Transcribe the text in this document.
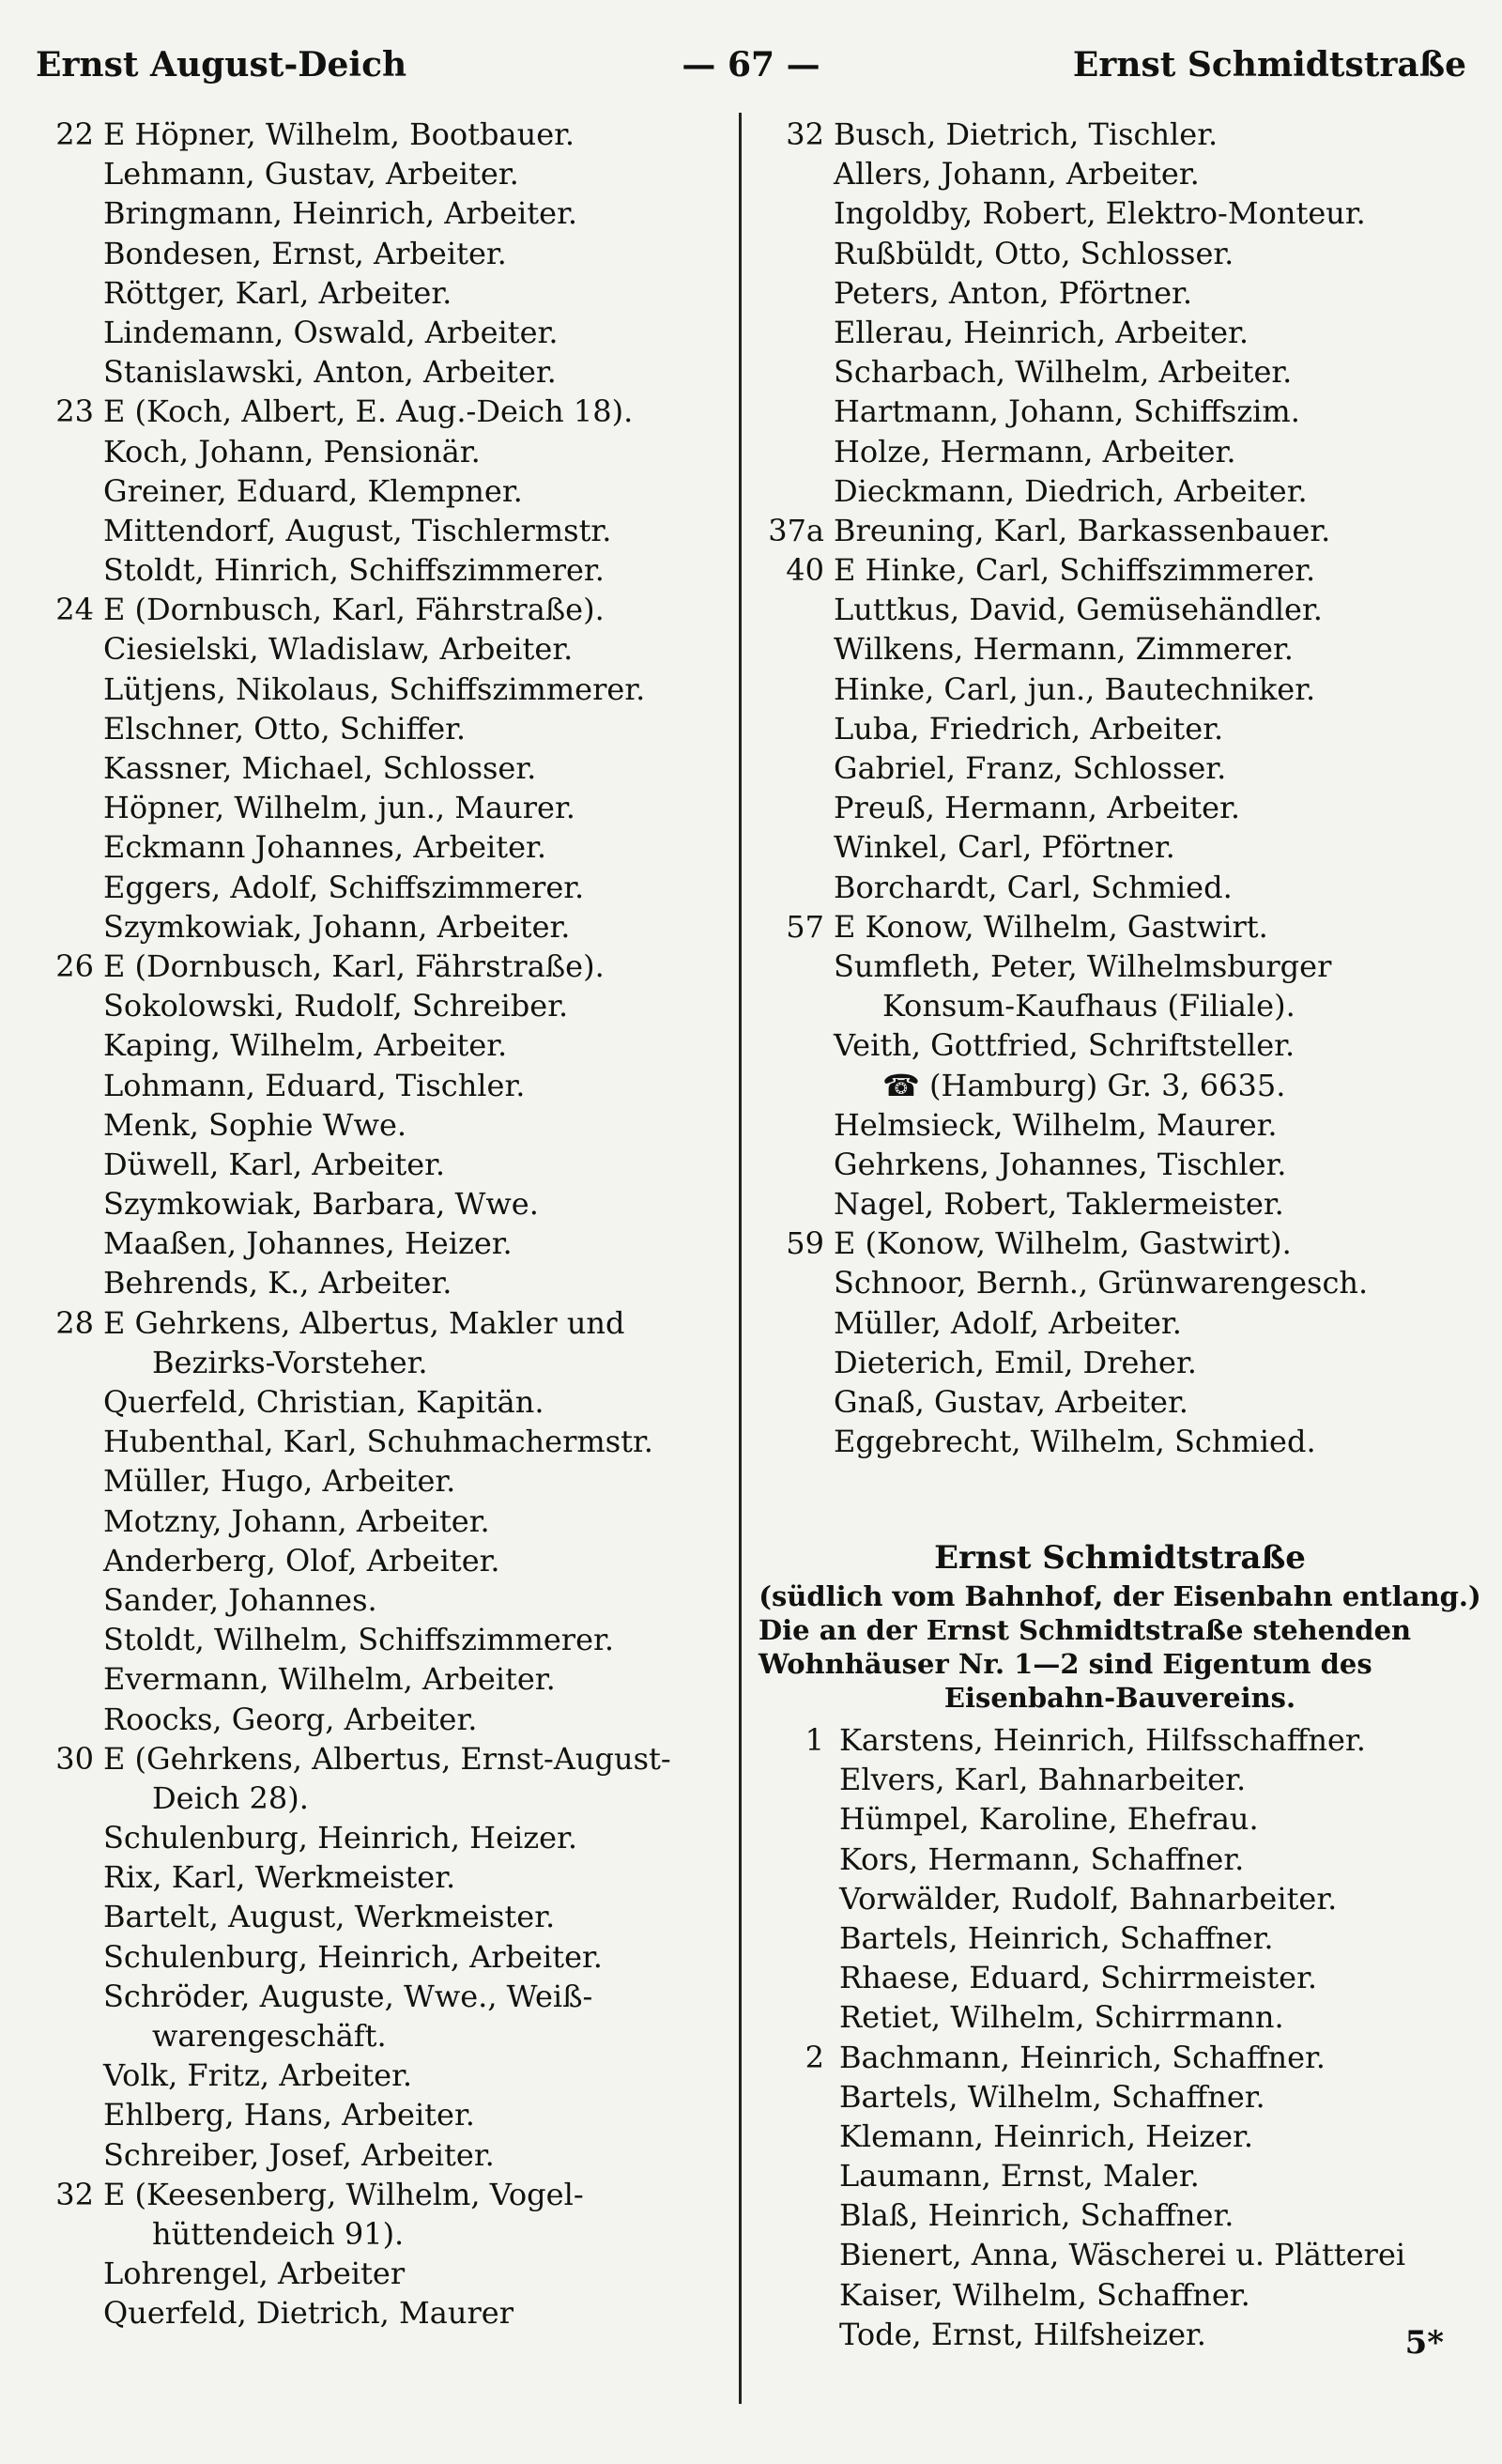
Ernst August-Deich	— 67 —	Ernst Schmidtstraße
22 E Höpner, Wilhelm, Bootbauer.
Lehmann, Gustav, Arbeiter.
Bringmann, Heinrich, Arbeiter.
Bondesen, Ernst, Arbeiter.
Röttger, Karl, Arbeiter.
Lindemann, Oswald, Arbeiter.
Stanislawski, Anton, Arbeiter.
23 E (Koch, Albert, E. Aug.-Deich 18).
Koch, Johann, Pensionär.
Greiner, Eduard, Klempner.
Mittendorf, August, Tischlermstr.
Stoldt, Hinrich, Schiffszimmerer.
24 E (Dornbusch, Karl, Fährstraße).
Ciesielski, Wladislaw, Arbeiter.
Lütjens, Nikolaus, Schiffszimmerer.
Elschner, Otto, Schiffer.
Kassner, Michael, Schlosser.
Höpner, Wilhelm, jun., Maurer.
Eckmann Johannes, Arbeiter.
Eggers, Adolf, Schiffszimmerer.
Szymkowiak, Johann, Arbeiter.
26 E (Dornbusch, Karl, Fährstraße).
Sokolowski, Rudolf, Schreiber.
Kaping, Wilhelm, Arbeiter.
Lohmann, Eduard, Tischler.
Menk, Sophie Wwe.
Düwell, Karl, Arbeiter.
Szymkowiak, Barbara, Wwe.
Maaßen, Johannes, Heizer.
Behrends, K., Arbeiter.
28 E Gehrkens, Albertus, Makler und
Bezirks-Vorsteher.
Querfeld, Christian, Kapitän.
Hubenthal, Karl, Schuhmachermstr.
Müller, Hugo, Arbeiter.
Motzny, Johann, Arbeiter.
Anderberg, Olof, Arbeiter.
Sander, Johannes.
Stoldt, Wilhelm, Schiffszimmerer.
Evermann, Wilhelm, Arbeiter.
Roocks, Georg, Arbeiter.
30 E (Gehrkens, Albertus, Ernst-August-
Deich 28).
Schulenburg, Heinrich, Heizer.
Rix, Karl, Werkmeister.
Bartelt, August, Werkmeister.
Schulenburg, Heinrich, Arbeiter.
Schröder, Auguste, Wwe., Weiß-
warengeschäft.
Volk, Fritz, Arbeiter.
Ehlberg, Hans, Arbeiter.
Schreiber, Josef, Arbeiter.
32 E (Keesenberg, Wilhelm, Vogel-
hüttendeich 91).
Lohrengel, Arbeiter
Querfeld, Dietrich, Maurer
32 Busch, Dietrich, Tischler.
Allers, Johann, Arbeiter.
Ingoldby, Robert, Elektro-Monteur.
Rußbüldt, Otto, Schlosser.
Peters, Anton, Pförtner.
Ellerau, Heinrich, Arbeiter.
Scharbach, Wilhelm, Arbeiter.
Hartmann, Johann, Schiffszim.
Holze, Hermann, Arbeiter.
Dieckmann, Diedrich, Arbeiter.
37a Breuning, Karl, Barkassenbauer.
40 E Hinke, Carl, Schiffszimmerer.
Luttkus, David, Gemüsehändler.
Wilkens, Hermann, Zimmerer.
Hinke, Carl, jun., Bautechniker.
Luba, Friedrich, Arbeiter.
Gabriel, Franz, Schlosser.
Preuß, Hermann, Arbeiter.
Winkel, Carl, Pförtner.
Borchardt, Carl, Schmied.
57 E Konow, Wilhelm, Gastwirt.
Sumfleth, Peter, Wilhelmsburger
Konsum-Kaufhaus (Filiale).
Veith, Gottfried, Schriftsteller.
☎ (Hamburg) Gr. 3, 6635.
Helmsieck, Wilhelm, Maurer.
Gehrkens, Johannes, Tischler.
Nagel, Robert, Taklermeister.
59 E (Konow, Wilhelm, Gastwirt).
Schnoor, Bernh., Grünwarengesch.
Müller, Adolf, Arbeiter.
Dieterich, Emil, Dreher.
Gnaß, Gustav, Arbeiter.
Eggebrecht, Wilhelm, Schmied.
Ernst Schmidtstraße
(südlich vom Bahnhof, der Eisenbahn entlang.)
Die an der Ernst Schmidtstraße stehenden
Wohnhäuser Nr. 1—2 sind Eigentum des
Eisenbahn-Bauvereins.
1 Karstens, Heinrich, Hilfsschaffner.
Elvers, Karl, Bahnarbeiter.
Hümpel, Karoline, Ehefrau.
Kors, Hermann, Schaffner.
Vorwälder, Rudolf, Bahnarbeiter.
Bartels, Heinrich, Schaffner.
Rhaese, Eduard, Schirrmeister.
Retiet, Wilhelm, Schirrmann.
2 Bachmann, Heinrich, Schaffner.
Bartels, Wilhelm, Schaffner.
Klemann, Heinrich, Heizer.
Laumann, Ernst, Maler.
Blaß, Heinrich, Schaffner.
Bienert, Anna, Wäscherei u. Plätterei
Kaiser, Wilhelm, Schaffner.
Tode, Ernst, Hilfsheizer.	5*
